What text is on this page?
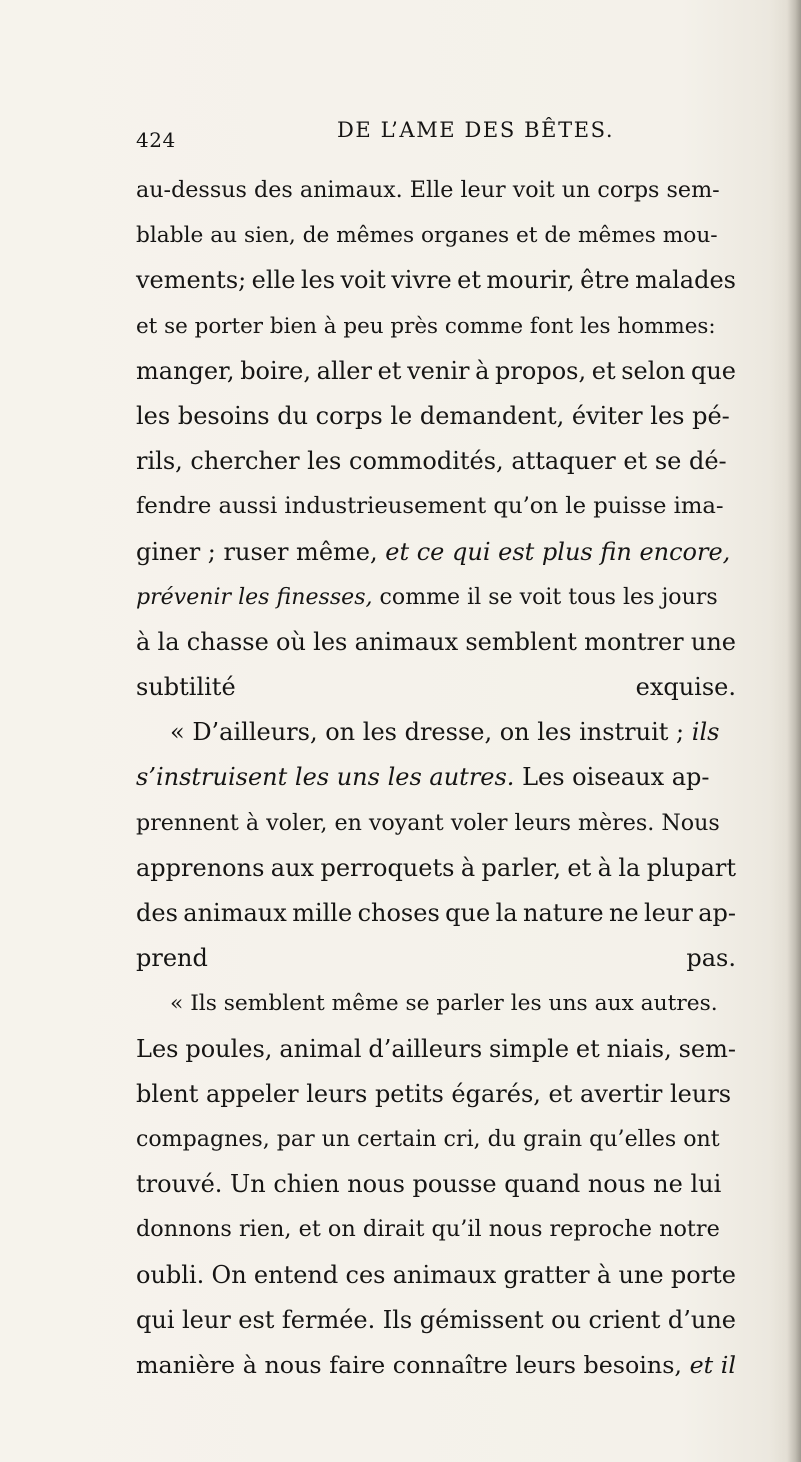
424	DE L’AME DES BÊTES.
au-dessus des animaux. Elle leur voit un corps sem-
blable au sien, de mêmes organes et de mêmes mou-
vements; elle les voit vivre et mourir, être malades
et se porter bien à peu près comme font les hommes:
manger, boire, aller et venir à propos, et selon que
les besoins du corps le demandent, éviter les pé-
rils, chercher les commodités, attaquer et se dé-
fendre aussi industrieusement qu’on le puisse ima-
giner ; ruser même, et ce qui est plus fin encore,
prévenir les finesses, comme il se voit tous les jours
à la chasse où les animaux semblent montrer une
subtilité exquise.
« D’ailleurs, on les dresse, on les instruit ; ils
s’instruisent les uns les autres. Les oiseaux ap-
prennent à voler, en voyant voler leurs mères. Nous
apprenons aux perroquets à parler, et à la plupart
des animaux mille choses que la nature ne leur ap-
prend pas.
« Ils semblent même se parler les uns aux autres.
Les poules, animal d’ailleurs simple et niais, sem-
blent appeler leurs petits égarés, et avertir leurs
compagnes, par un certain cri, du grain qu’elles ont
trouvé. Un chien nous pousse quand nous ne lui
donnons rien, et on dirait qu’il nous reproche notre
oubli. On entend ces animaux gratter à une porte
qui leur est fermée. Ils gémissent ou crient d’une
manière à nous faire connaître leurs besoins, et il
